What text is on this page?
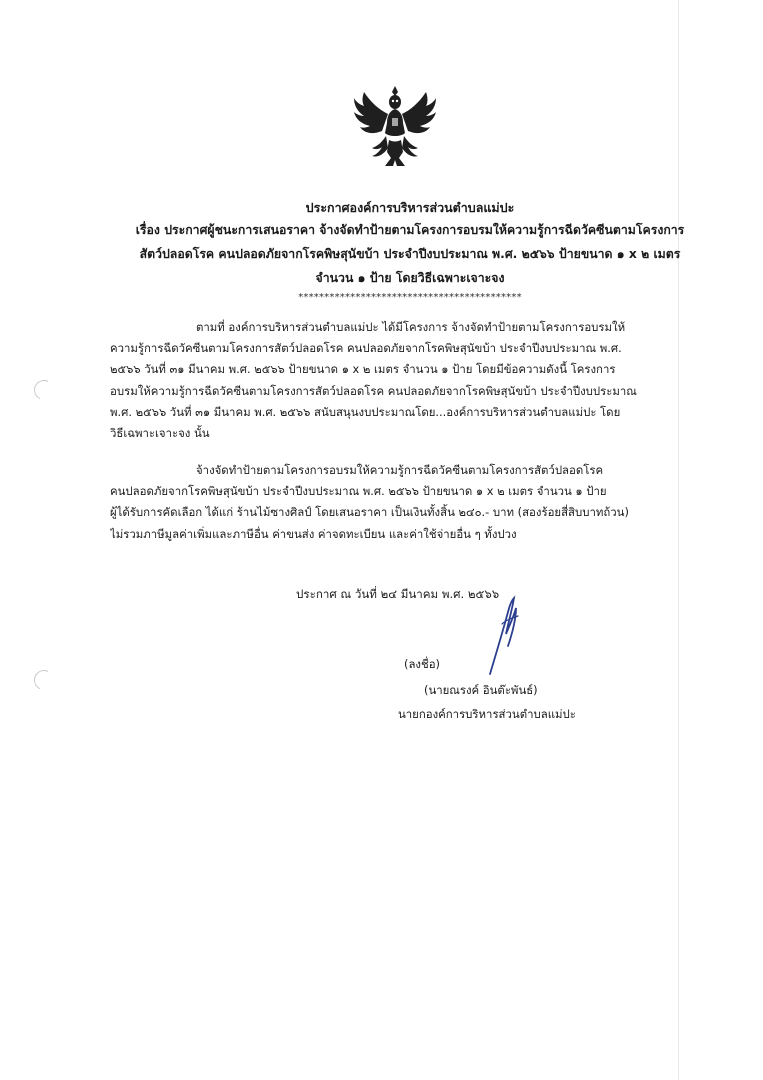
ประกาศองค์การบริหารส่วนตำบลแม่ปะ
เรื่อง ประกาศผู้ชนะการเสนอราคา จ้างจัดทำป้ายตามโครงการอบรมให้ความรู้การฉีดวัคซีนตามโครงการ
สัตว์ปลอดโรค คนปลอดภัยจากโรคพิษสุนัขบ้า ประจำปีงบประมาณ พ.ศ. ๒๕๖๖ ป้ายขนาด ๑ x ๒ เมตร
จำนวน ๑ ป้าย โดยวิธีเฉพาะเจาะจง
*******************************************
ตามที่ องค์การบริหารส่วนตำบลแม่ปะ ได้มีโครงการ จ้างจัดทำป้ายตามโครงการอบรมให้
ความรู้การฉีดวัคซีนตามโครงการสัตว์ปลอดโรค คนปลอดภัยจากโรคพิษสุนัขบ้า ประจำปีงบประมาณ พ.ศ.
๒๕๖๖ วันที่ ๓๑ มีนาคม พ.ศ. ๒๕๖๖ ป้ายขนาด ๑ x ๒ เมตร จำนวน ๑ ป้าย โดยมีข้อความดังนี้ โครงการ
อบรมให้ความรู้การฉีดวัคซีนตามโครงการสัตว์ปลอดโรค คนปลอดภัยจากโรคพิษสุนัขบ้า ประจำปีงบประมาณ
พ.ศ. ๒๕๖๖ วันที่ ๓๑ มีนาคม พ.ศ. ๒๕๖๖ สนับสนุนงบประมาณโดย...องค์การบริหารส่วนตำบลแม่ปะ โดย
วิธีเฉพาะเจาะจง นั้น
จ้างจัดทำป้ายตามโครงการอบรมให้ความรู้การฉีดวัคซีนตามโครงการสัตว์ปลอดโรค
คนปลอดภัยจากโรคพิษสุนัขบ้า ประจำปีงบประมาณ พ.ศ. ๒๕๖๖ ป้ายขนาด ๑ x ๒ เมตร จำนวน ๑ ป้าย
ผู้ได้รับการคัดเลือก ได้แก่ ร้านไม้ซางศิลป์ โดยเสนอราคา เป็นเงินทั้งสิ้น ๒๔๐.- บาท (สองร้อยสี่สิบบาทถ้วน)
ไม่รวมภาษีมูลค่าเพิ่มและภาษีอื่น ค่าขนส่ง ค่าจดทะเบียน และค่าใช้จ่ายอื่น ๆ ทั้งปวง
ประกาศ ณ วันที่ ๒๔ มีนาคม พ.ศ. ๒๕๖๖
(ลงชื่อ)
(นายณรงค์ อินต๊ะพันธ์)
นายกองค์การบริหารส่วนตำบลแม่ปะ
